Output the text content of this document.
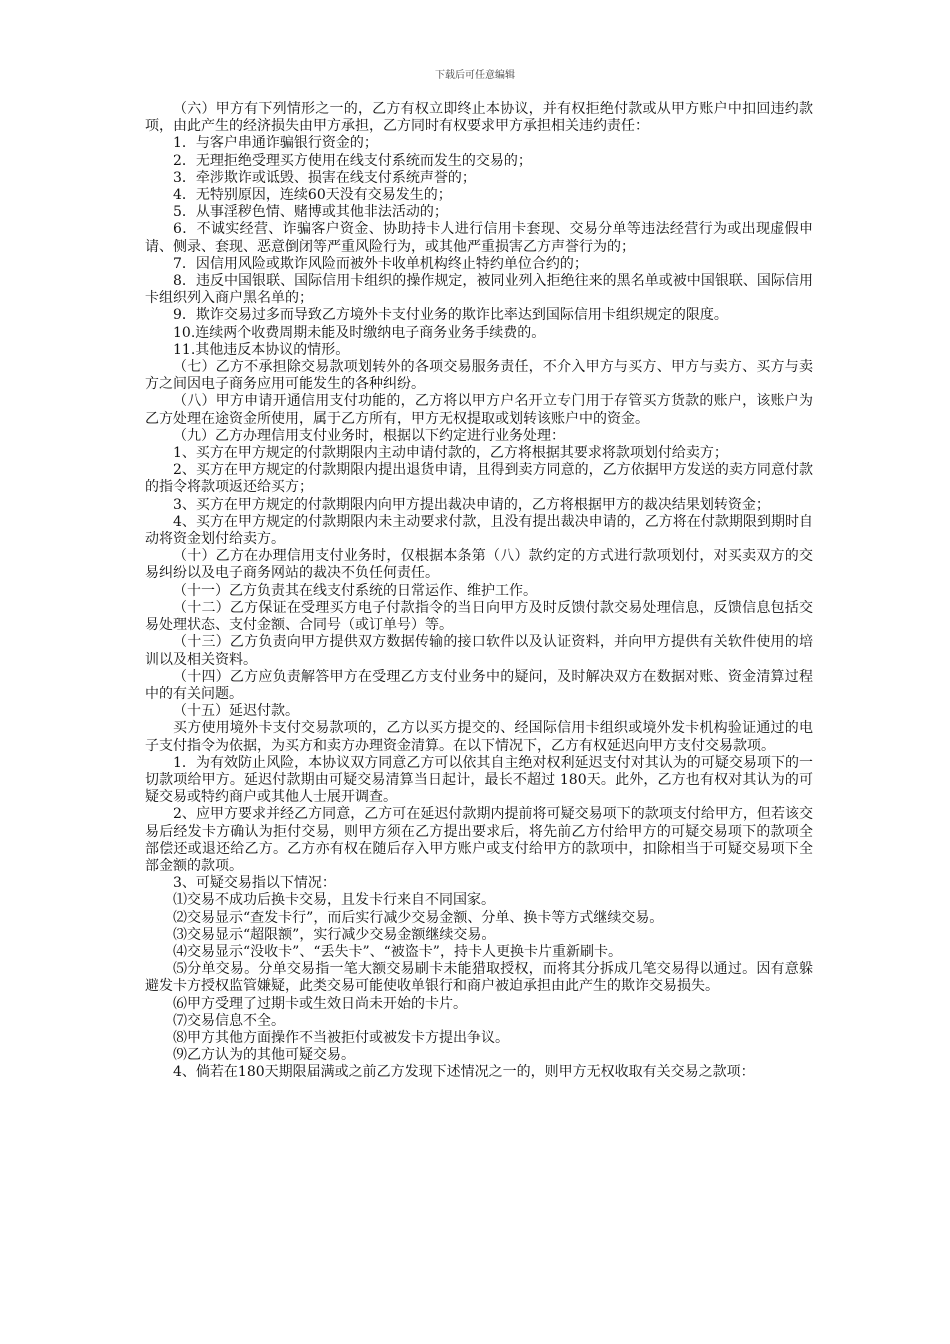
下载后可任意编辑

（六）甲方有下列情形之一的，乙方有权立即终止本协议，并有权拒绝付款或从甲方账户中扣回违约款项，由此产生的经济损失由甲方承担，乙方同时有权要求甲方承担相关违约责任：

1．与客户串通诈骗银行资金的；

2．无理拒绝受理买方使用在线支付系统而发生的交易的；

3．牵涉欺诈或诋毁、损害在线支付系统声誉的；

4．无特别原因，连续60天没有交易发生的；

5．从事淫秽色情、赌博或其他非法活动的；

6．不诚实经营、诈骗客户资金、协助持卡人进行信用卡套现、交易分单等违法经营行为或出现虚假申请、侧录、套现、恶意倒闭等严重风险行为，或其他严重损害乙方声誉行为的；

7．因信用风险或欺诈风险而被外卡收单机构终止特约单位合约的；

8．违反中国银联、国际信用卡组织的操作规定，被同业列入拒绝往来的黑名单或被中国银联、国际信用卡组织列入商户黑名单的；

9．欺诈交易过多而导致乙方境外卡支付业务的欺诈比率达到国际信用卡组织规定的限度。

10.连续两个收费周期未能及时缴纳电子商务业务手续费的。

11.其他违反本协议的情形。

（七）乙方不承担除交易款项划转外的各项交易服务责任，不介入甲方与买方、甲方与卖方、买方与卖方之间因电子商务应用可能发生的各种纠纷。

（八）甲方申请开通信用支付功能的，乙方将以甲方户名开立专门用于存管买方货款的账户，该账户为乙方处理在途资金所使用，属于乙方所有，甲方无权提取或划转该账户中的资金。

（九）乙方办理信用支付业务时，根据以下约定进行业务处理：

1、买方在甲方规定的付款期限内主动申请付款的，乙方将根据其要求将款项划付给卖方；

2、买方在甲方规定的付款期限内提出退货申请，且得到卖方同意的，乙方依据甲方发送的卖方同意付款的指令将款项返还给买方；

3、买方在甲方规定的付款期限内向甲方提出裁决申请的，乙方将根据甲方的裁决结果划转资金；

4、买方在甲方规定的付款期限内未主动要求付款，且没有提出裁决申请的，乙方将在付款期限到期时自动将资金划付给卖方。

（十）乙方在办理信用支付业务时，仅根据本条第（八）款约定的方式进行款项划付，对买卖双方的交易纠纷以及电子商务网站的裁决不负任何责任。

（十一）乙方负责其在线支付系统的日常运作、维护工作。

（十二）乙方保证在受理买方电子付款指令的当日向甲方及时反馈付款交易处理信息，反馈信息包括交易处理状态、支付金额、合同号（或订单号）等。

（十三）乙方负责向甲方提供双方数据传输的接口软件以及认证资料，并向甲方提供有关软件使用的培训以及相关资料。

（十四）乙方应负责解答甲方在受理乙方支付业务中的疑问，及时解决双方在数据对账、资金清算过程中的有关问题。

（十五）延迟付款。

买方使用境外卡支付交易款项的，乙方以买方提交的、经国际信用卡组织或境外发卡机构验证通过的电子支付指令为依据，为买方和卖方办理资金清算。在以下情况下，乙方有权延迟向甲方支付交易款项。

1．为有效防止风险，本协议双方同意乙方可以依其自主绝对权利延迟支付对其认为的可疑交易项下的一切款项给甲方。延迟付款期由可疑交易清算当日起计，最长不超过 180天。此外，乙方也有权对其认为的可疑交易或特约商户或其他人士展开调查。

2、应甲方要求并经乙方同意，乙方可在延迟付款期内提前将可疑交易项下的款项支付给甲方，但若该交易后经发卡方确认为拒付交易，则甲方须在乙方提出要求后，将先前乙方付给甲方的可疑交易项下的款项全部偿还或退还给乙方。乙方亦有权在随后存入甲方账户或支付给甲方的款项中，扣除相当于可疑交易项下全部金额的款项。

3、可疑交易指以下情况：

⑴交易不成功后换卡交易，且发卡行来自不同国家。

⑵交易显示“查发卡行”，而后实行减少交易金额、分单、换卡等方式继续交易。

⑶交易显示“超限额”，实行减少交易金额继续交易。

⑷交易显示“没收卡”、“丢失卡”、“被盗卡”，持卡人更换卡片重新刷卡。

⑸分单交易。分单交易指一笔大额交易刷卡未能猎取授权，而将其分拆成几笔交易得以通过。因有意躲避发卡方授权监管嫌疑，此类交易可能使收单银行和商户被迫承担由此产生的欺诈交易损失。

⑹甲方受理了过期卡或生效日尚未开始的卡片。

⑺交易信息不全。

⑻甲方其他方面操作不当被拒付或被发卡方提出争议。

⑼乙方认为的其他可疑交易。

4、倘若在180天期限届满或之前乙方发现下述情况之一的，则甲方无权收取有关交易之款项：
